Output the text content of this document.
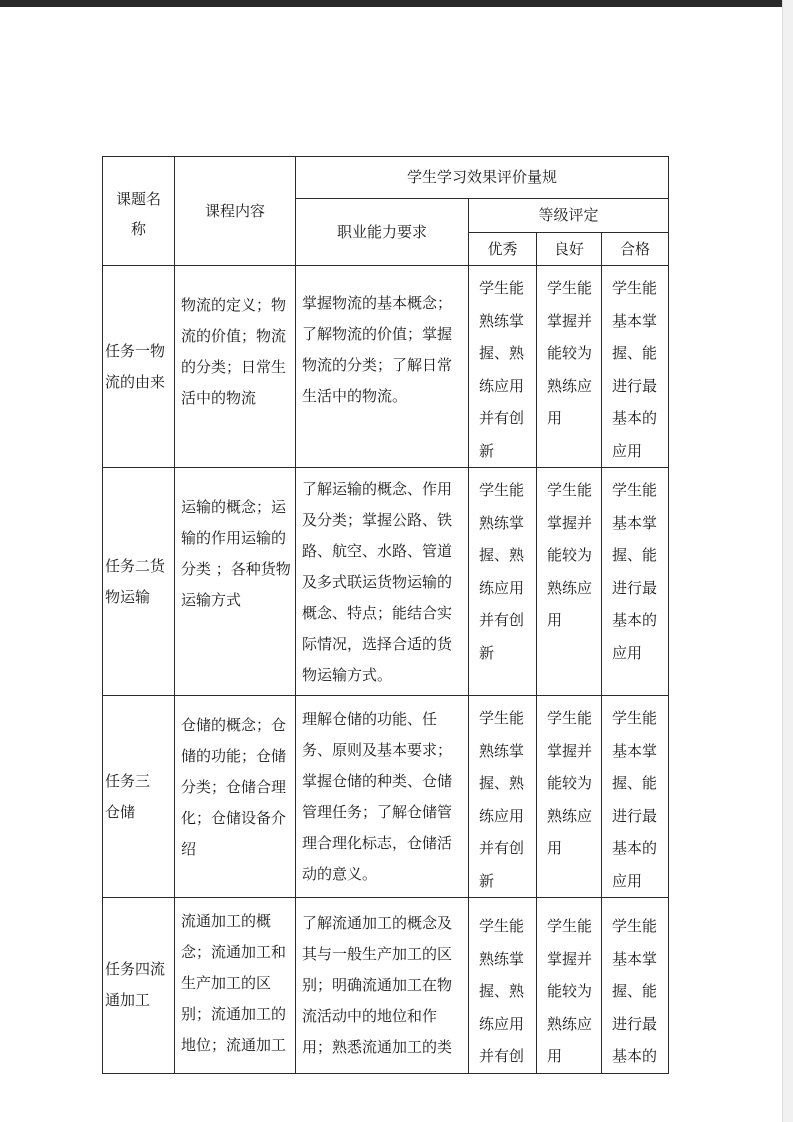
课题名称	课程内容	学生学习效果评价量规			
		职业能力要求	等级评定		
			优秀	良好	合格

任务一物流的由来	物流的定义；物流的价值；物流的分类；日常生活中的物流	掌握物流的基本概念；了解物流的价值；掌握物流的分类；了解日常生活中的物流。	学生能熟练掌握、熟练应用并有创新	学生能掌握并能较为熟练应用	学生能基本掌握、能进行最基本的应用

任务二货物运输	运输的概念；运输的作用运输的分类 ；各种货物运输方式	了解运输的概念、作用及分类；掌握公路、铁路、航空、水路、管道及多式联运货物运输的概念、特点；能结合实际情况，选择合适的货物运输方式。	学生能熟练掌握、熟练应用并有创新	学生能掌握并能较为熟练应用	学生能基本掌握、能进行最基本的应用

任务三仓储	仓储的概念；仓储的功能；仓储分类；仓储合理化；仓储设备介绍	理解仓储的功能、任务、原则及基本要求；掌握仓储的种类、仓储管理任务；了解仓储管理合理化标志，仓储活动的意义。	学生能熟练掌握、熟练应用并有创新	学生能掌握并能较为熟练应用	学生能基本掌握、能进行最基本的应用

任务四流通加工	流通加工的概念；流通加工和生产加工的区别；流通加工的地位；流通加工	了解流通加工的概念及其与一般生产加工的区别；明确流通加工在物流活动中的地位和作用；熟悉流通加工的类	学生能熟练掌握、熟练应用并有创	学生能掌握并能较为熟练应用	学生能基本掌握、能进行最基本的
